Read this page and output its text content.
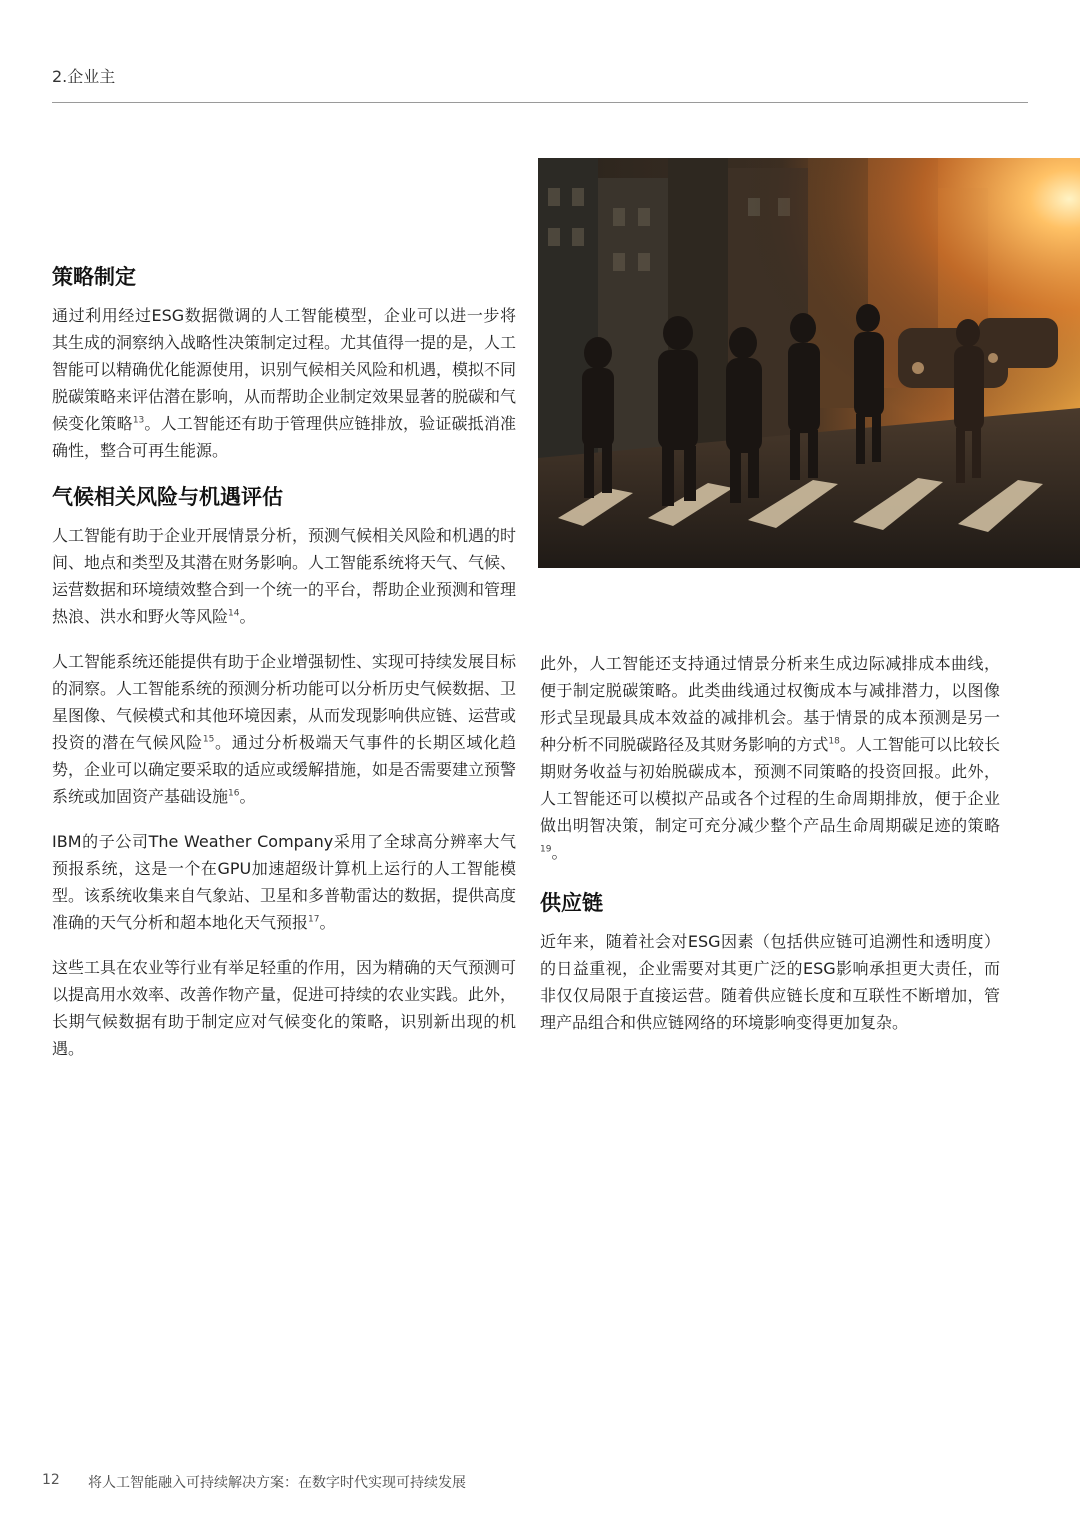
2.企业主
策略制定

通过利用经过ESG数据微调的人工智能模型，企业可以进一步将其生成的洞察纳入战略性决策制定过程。尤其值得一提的是，人工智能可以精确优化能源使用，识别气候相关风险和机遇，模拟不同脱碳策略来评估潜在影响，从而帮助企业制定效果显著的脱碳和气候变化策略$^{13}$。人工智能还有助于管理供应链排放，验证碳抵消准确性，整合可再生能源。

气候相关风险与机遇评估

人工智能有助于企业开展情景分析，预测气候相关风险和机遇的时间、地点和类型及其潜在财务影响。人工智能系统将天气、气候、运营数据和环境绩效整合到一个统一的平台，帮助企业预测和管理热浪、洪水和野火等风险$^{14}$。

人工智能系统还能提供有助于企业增强韧性、实现可持续发展目标的洞察。人工智能系统的预测分析功能可以分析历史气候数据、卫星图像、气候模式和其他环境因素，从而发现影响供应链、运营或投资的潜在气候风险$^{15}$。通过分析极端天气事件的长期区域化趋势，企业可以确定要采取的适应或缓解措施，如是否需要建立预警系统或加固资产基础设施$^{16}$。

IBM的子公司The Weather Company采用了全球高分辨率大气预报系统，这是一个在GPU加速超级计算机上运行的人工智能模型。该系统收集来自气象站、卫星和多普勒雷达的数据，提供高度准确的天气分析和超本地化天气预报$^{17}$。

这些工具在农业等行业有举足轻重的作用，因为精确的天气预测可以提高用水效率、改善作物产量，促进可持续的农业实践。此外，长期气候数据有助于制定应对气候变化的策略，识别新出现的机遇。

此外，人工智能还支持通过情景分析来生成边际减排成本曲线，便于制定脱碳策略。此类曲线通过权衡成本与减排潜力，以图像形式呈现最具成本效益的减排机会。基于情景的成本预测是另一种分析不同脱碳路径及其财务影响的方式$^{18}$。人工智能可以比较长期财务收益与初始脱碳成本，预测不同策略的投资回报。此外，人工智能还可以模拟产品或各个过程的生命周期排放，便于企业做出明智决策，制定可充分减少整个产品生命周期碳足迹的策略$^{19}$。

供应链

近年来，随着社会对ESG因素（包括供应链可追溯性和透明度）的日益重视，企业需要对其更广泛的ESG影响承担更大责任，而非仅仅局限于直接运营。随着供应链长度和互联性不断增加，管理产品组合和供应链网络的环境影响变得更加复杂。

12 将人工智能融入可持续解决方案：在数字时代实现可持续发展
